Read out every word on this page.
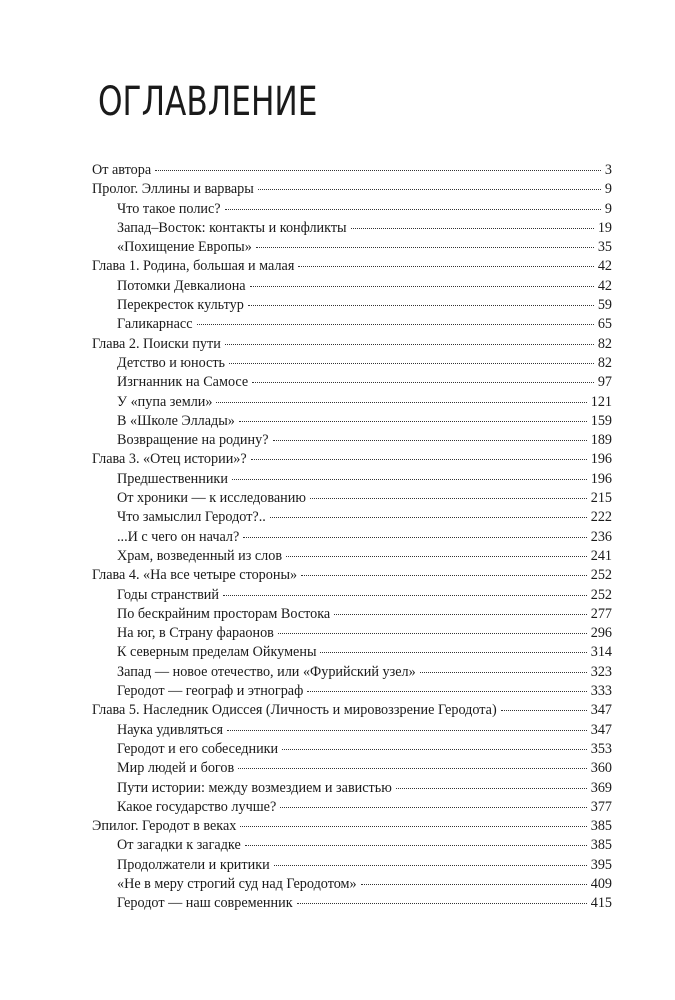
ОГЛАВЛЕНИЕ
От автора	3
Пролог. Эллины и варвары	9
Что такое полис?	9
Запад–Восток: контакты и конфликты	19
«Похищение Европы»	35
Глава 1. Родина, большая и малая	42
Потомки Девкалиона	42
Перекресток культур	59
Галикарнасс	65
Глава 2. Поиски пути	82
Детство и юность	82
Изгнанник на Самосе	97
У «пупа земли»	121
В «Школе Эллады»	159
Возвращение на родину?	189
Глава 3. «Отец истории»?	196
Предшественники	196
От хроники — к исследованию	215
Что замыслил Геродот?..	222
...И с чего он начал?	236
Храм, возведенный из слов	241
Глава 4. «На все четыре стороны»	252
Годы странствий	252
По бескрайним просторам Востока	277
На юг, в Страну фараонов	296
К северным пределам Ойкумены	314
Запад — новое отечество, или «Фурийский узел»	323
Геродот — географ и этнограф	333
Глава 5. Наследник Одиссея (Личность и мировоззрение Геродота)	347
Наука удивляться	347
Геродот и его собеседники	353
Мир людей и богов	360
Пути истории: между возмездием и завистью	369
Какое государство лучше?	377
Эпилог. Геродот в веках	385
От загадки к загадке	385
Продолжатели и критики	395
«Не в меру строгий суд над Геродотом»	409
Геродот — наш современник	415
